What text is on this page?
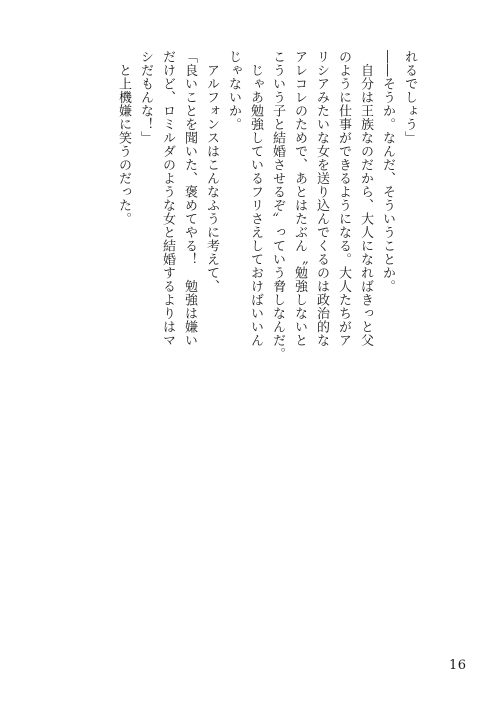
れるでしょう」
――そうか。なんだ、そういうことか。
　自分は王族なのだから、大人になればきっと父
のように仕事ができるようになる。大人たちがア
リシアみたいな女を送り込んでくるのは政治的な
アレコレのためで、あとはたぶん〝勉強しないと
こういう子と結婚させるぞ〟っていう脅しなんだ。
　じゃあ勉強しているフリさえしておけばいいん
じゃないか。
　アルフォンスはこんなふうに考えて、
「良いことを聞いた、褒めてやる！　勉強は嫌い
だけど、ロミルダのような女と結婚するよりはマ
シだもんな！」
　と上機嫌に笑うのだった。
16
